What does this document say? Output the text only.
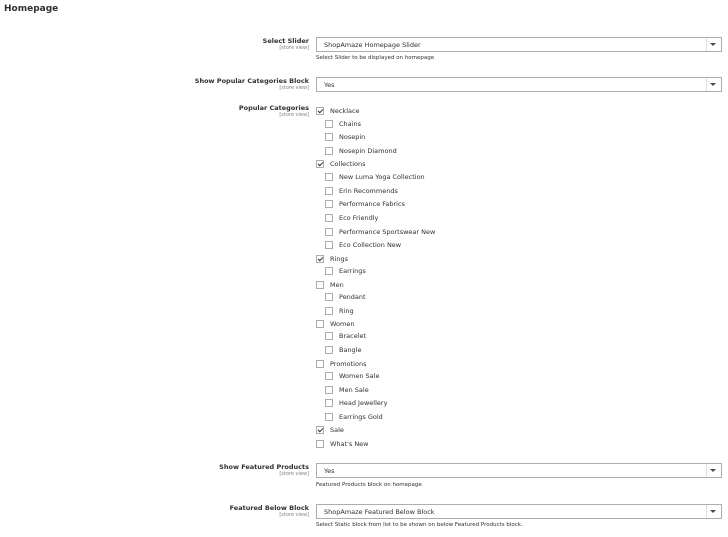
Homepage
Select Slider
[store view] ShopAmaze Homepage Slider
Select Slider to be displayed on homepage
Show Popular Categories Block
[store view] Yes
Popular Categories
[store view]	Necklace
Chains
Nosepin
Nosepin Diamond
Collections
New Luma Yoga Collection
Erin Recommends
Performance Fabrics
Eco Friendly
Performance Sportswear New
Eco Collection New
Rings
Earrings
Men
Pendant
Ring
Women
Bracelet
Bangle
Promotions
Women Sale
Men Sale
Head Jewellery
Earrings Gold
Sale
What's New
Show Featured Products
[store view] Yes
Featured Products block on homepage
Featured Below Block
[store view] ShopAmaze Featured Below Block
Select Static block from list to be shown on below Featured Products block.
